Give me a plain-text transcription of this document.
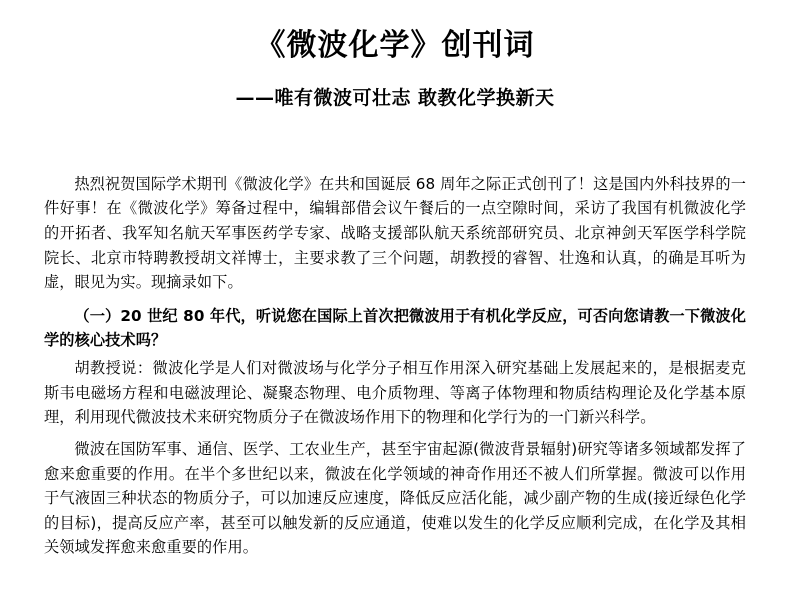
《微波化学》创刊词
——唯有微波可壮志 敢教化学换新天

热烈祝贺国际学术期刊《微波化学》在共和国诞辰 68 周年之际正式创刊了！这是国内外科技界的一件好事！在《微波化学》筹备过程中，编辑部借会议午餐后的一点空隙时间，采访了我国有机微波化学的开拓者、我军知名航天军事医药学专家、战略支援部队航天系统部研究员、北京神剑天军医学科学院院长、北京市特聘教授胡文祥博士，主要求教了三个问题，胡教授的睿智、壮逸和认真，的确是耳听为虚，眼见为实。现摘录如下。

（一）20 世纪 80 年代，听说您在国际上首次把微波用于有机化学反应，可否向您请教一下微波化学的核心技术吗？

胡教授说：微波化学是人们对微波场与化学分子相互作用深入研究基础上发展起来的，是根据麦克斯韦电磁场方程和电磁波理论、凝聚态物理、电介质物理、等离子体物理和物质结构理论及化学基本原理，利用现代微波技术来研究物质分子在微波场作用下的物理和化学行为的一门新兴科学。

微波在国防军事、通信、医学、工农业生产，甚至宇宙起源(微波背景辐射)研究等诸多领域都发挥了愈来愈重要的作用。在半个多世纪以来，微波在化学领域的神奇作用还不被人们所掌握。微波可以作用于气液固三种状态的物质分子，可以加速反应速度，降低反应活化能，减少副产物的生成(接近绿色化学的目标)，提高反应产率，甚至可以触发新的反应通道，使难以发生的化学反应顺利完成，在化学及其相关领域发挥愈来愈重要的作用。
